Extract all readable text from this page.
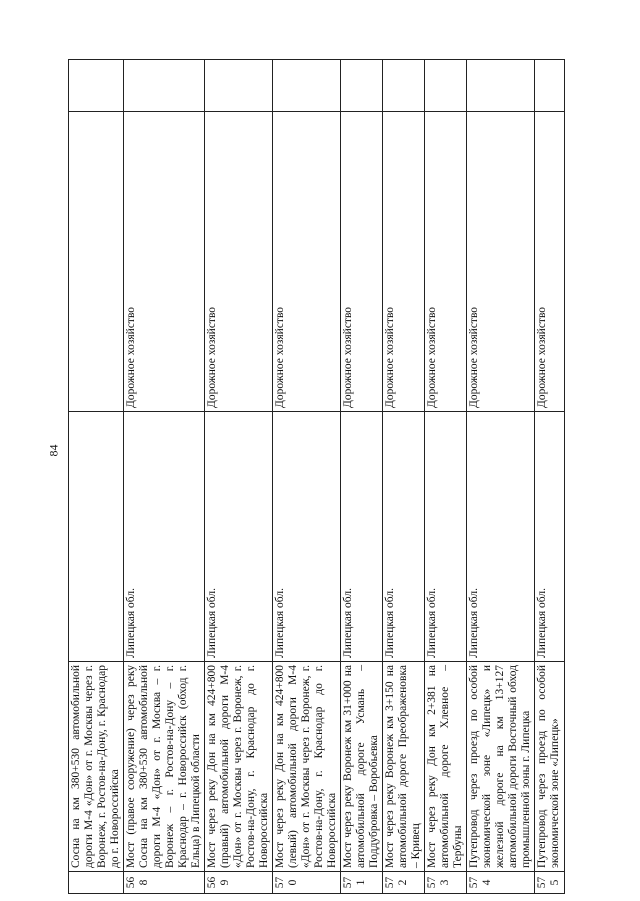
84
	Сосна на км 380+530 автомобильной дороги М-4 «Дон» от г. Москвы через г. Воронеж, г. Ростов-на-Дону, г. Краснодар до г. Новороссийска			
568	Мост (правое сооружение) через реку Сосна на км 380+530 автомобильной дороги М-4 «Дон» от г. Москва – г. Воронеж – г. Ростов-на-Дону – г. Краснодар – г. Новороссийск (обход г. Ельца) в Липецкой области	Липецкая обл.	Дорожное хозяйство	
569	Мост через реку Дон на км 424+800 (правый) автомобильной дороги М-4 «Дон» от г. Москвы через г. Воронеж, г. Ростов-на-Дону, г. Краснодар до г. Новороссийска	Липецкая обл.	Дорожное хозяйство	
570	Мост через реку Дон на км 424+800 (левый) автомобильной дороги М-4 «Дон» от г. Москвы через г. Воронеж, г. Ростов-на-Дону, г. Краснодар до г. Новороссийска	Липецкая обл.	Дорожное хозяйство	
571	Мост через реку Воронеж км 31+000 на автомобильной дороге Усмань – Поддубровка – Воробьевка	Липецкая обл.	Дорожное хозяйство	
572	Мост через реку Воронеж км 3+150 на автомобильной дороге Преображеновка – Кривец	Липецкая обл.	Дорожное хозяйство	
573	Мост через реку Дон км 2+381 на автомобильной дороге Хлевное – Тербуны	Липецкая обл.	Дорожное хозяйство	
574	Путепровод через проезд по особой экономической зоне «Липецк» и железной дороге на км 13+127 автомобильной дороги Восточный обход промышленной зоны г. Липецка	Липецкая обл.	Дорожное хозяйство	
575	Путепровод через проезд по особой экономической зоне «Липецк»	Липецкая обл.	Дорожное хозяйство	
